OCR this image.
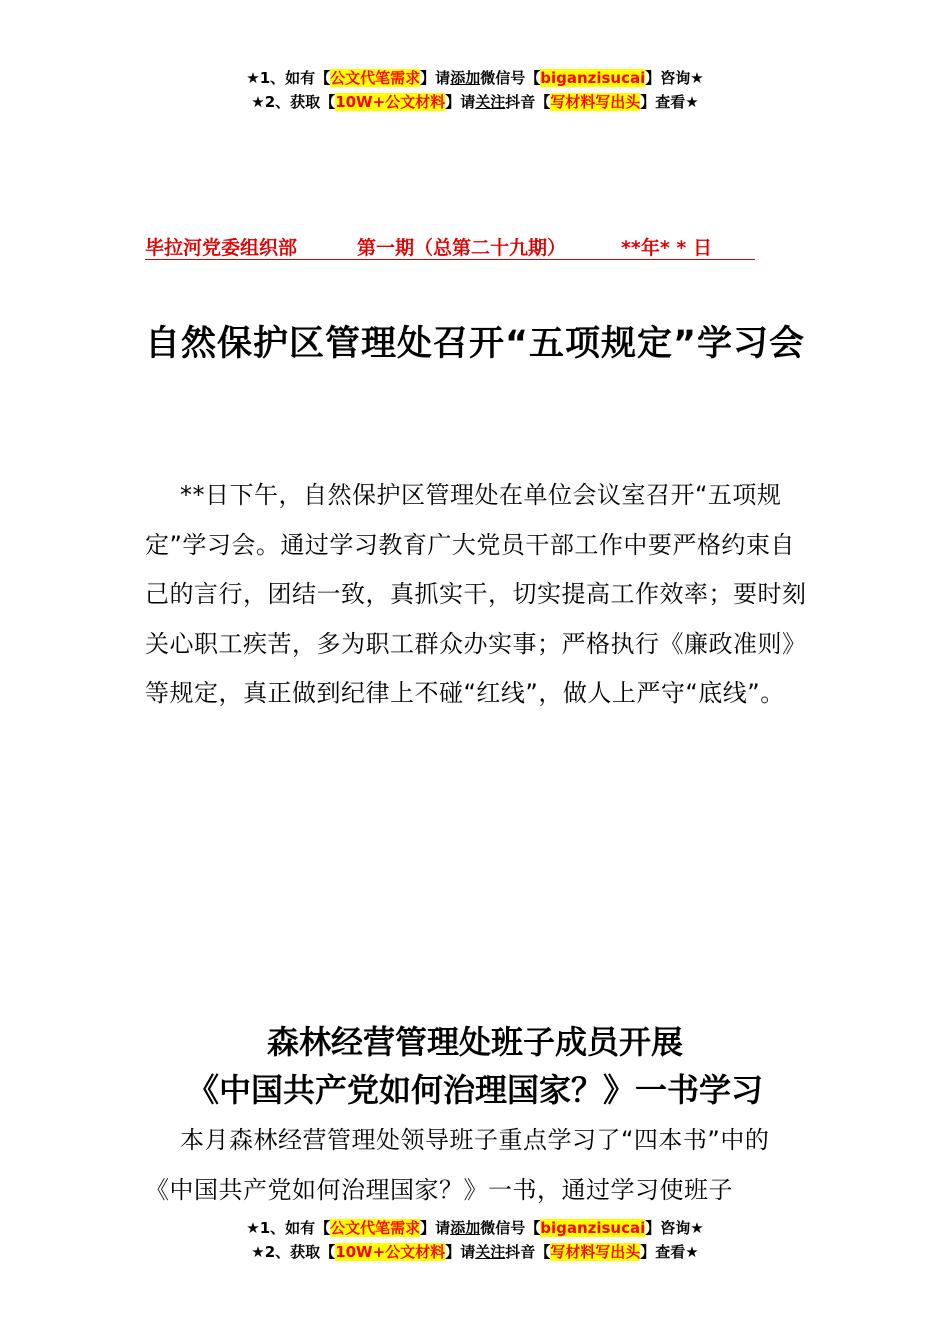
★1、如有【公文代笔需求】请添加微信号【biganzisucai】咨询★
★2、获取【10W+公文材料】请关注抖音【写材料写出头】查看★
毕拉河党委组织部	第一期（总第二十九期）	**年* * 日
自然保护区管理处召开“五项规定”学习会
**日下午，自然保护区管理处在单位会议室召开“五项规定”学习会。通过学习教育广大党员干部工作中要严格约束自己的言行，团结一致，真抓实干，切实提高工作效率；要时刻关心职工疾苦，多为职工群众办实事；严格执行《廉政准则》等规定，真正做到纪律上不碰“红线”，做人上严守“底线”。
森林经营管理处班子成员开展
《中国共产党如何治理国家？》一书学习
本月森林经营管理处领导班子重点学习了“四本书”中的《中国共产党如何治理国家？》一书，通过学习使班子
★1、如有【公文代笔需求】请添加微信号【biganzisucai】咨询★
★2、获取【10W+公文材料】请关注抖音【写材料写出头】查看★
